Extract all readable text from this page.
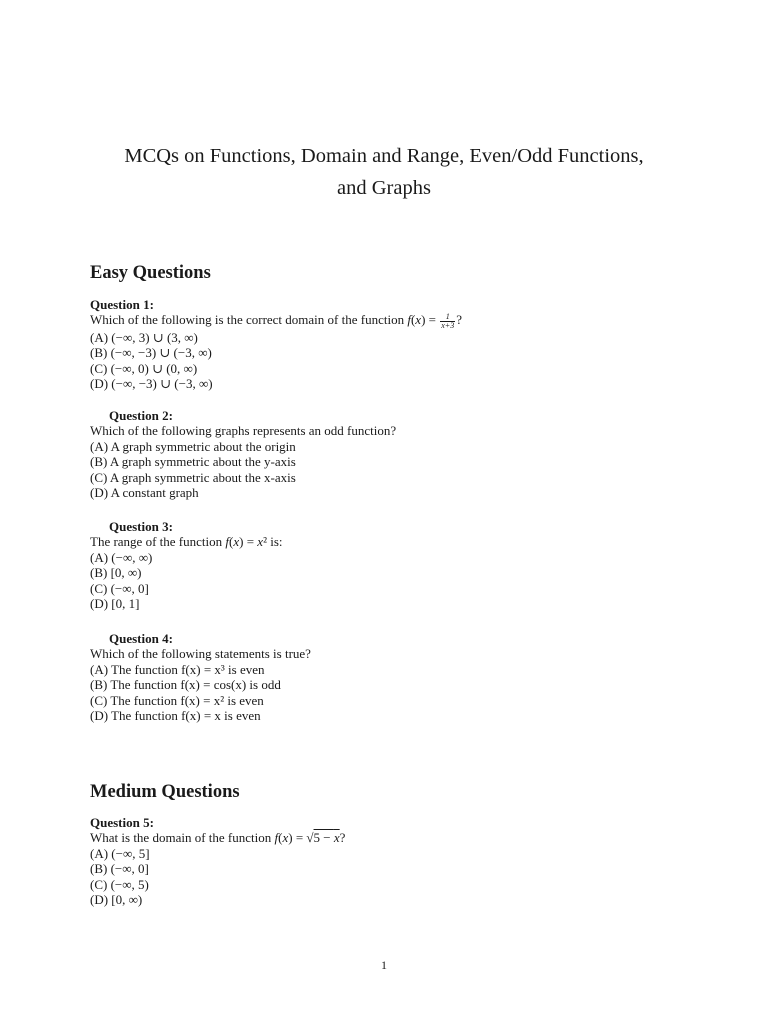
MCQs on Functions, Domain and Range, Even/Odd Functions,
and Graphs
Easy Questions
Question 1:
Which of the following is the correct domain of the function $f(x) = \frac{1}{x+3}$ ?
(A) (−∞, 3) ∪ (3, ∞)
(B) (−∞, −3) ∪ (−3, ∞)
(C) (−∞, 0) ∪ (0, ∞)
(D) (−∞, −3) ∪ (−3, ∞)
Question 2:
Which of the following graphs represents an odd function?
(A) A graph symmetric about the origin
(B) A graph symmetric about the y-axis
(C) A graph symmetric about the x-axis
(D) A constant graph
Question 3:
The range of the function f(x) = x² is:
(A) (−∞, ∞)
(B) [0, ∞)
(C) (−∞, 0]
(D) [0, 1]
Question 4:
Which of the following statements is true?
(A) The function f(x) = x³ is even
(B) The function f(x) = cos(x) is odd
(C) The function f(x) = x² is even
(D) The function f(x) = x is even
Medium Questions
Question 5:
What is the domain of the function f(x) = √5 − x?
(A) (−∞, 5]
(B) (−∞, 0]
(C) (−∞, 5)
(D) [0, ∞)
1
